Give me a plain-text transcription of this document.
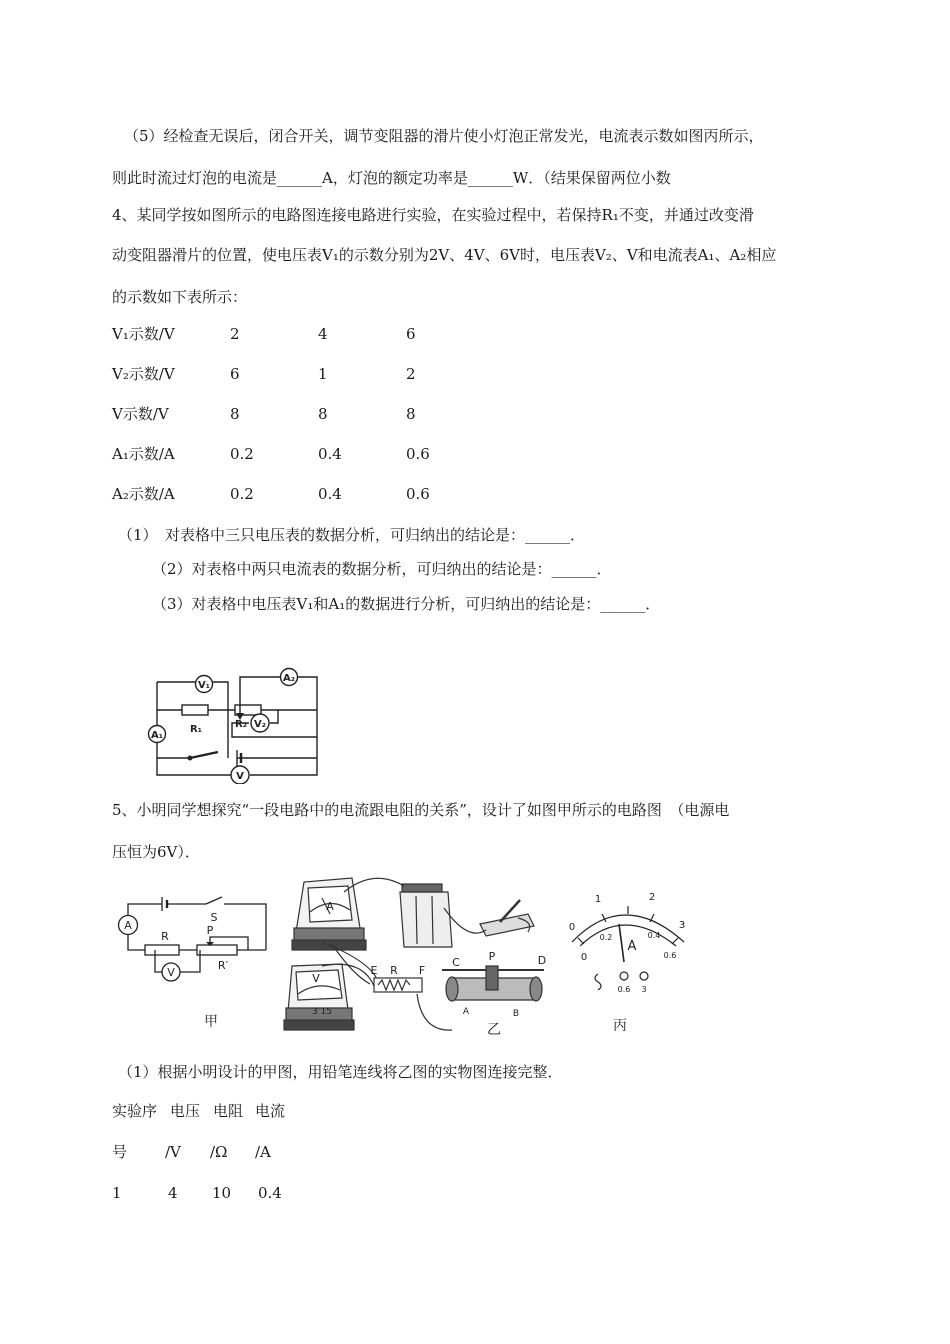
（5）经检查无误后，闭合开关，调节变阻器的滑片使小灯泡正常发光，电流表示数如图丙所示，
则此时流过灯泡的电流是______A，灯泡的额定功率是______W．（结果保留两位小数
4、某同学按如图所示的电路图连接电路进行实验，在实验过程中，若保持R₁不变，并通过改变滑
动变阻器滑片的位置，使电压表V₁的示数分别为2V、4V、6V时，电压表V₂、V和电流表A₁、A₂相应
的示数如下表所示：
V₁示数/V	2	4	6
V₂示数/V	6	1	2
V示数/V	8	8	8
A₁示数/A	0.2	0.4	0.6
A₂示数/A	0.2	0.4	0.6
（1）　对表格中三只电压表的数据分析，可归纳出的结论是：______．
（2）对表格中两只电流表的数据分析，可归纳出的结论是：______．
（3）对表格中电压表V₁和A₁的数据进行分析，可归纳出的结论是：______．
V₁
A₂
R₁	R₂
A₁
V₂
V
5、小明同学想探究“一段电路中的电流跟电阻的关系”，设计了如图甲所示的电路图　（电源电
压恒为6V）．
A
S
R	P
R′
V
甲
A
V
3 15
C	P	D
E R F
A	B
乙
0
1	2
3
0
0.2	0.4
0.6
A
0.6 3
丙
（1）根据小明设计的甲图，用铅笔连线将乙图的实物图连接完整．
实验序 电压 电阻 电流
号	/V /Ω /A
1	4 10 0.4
